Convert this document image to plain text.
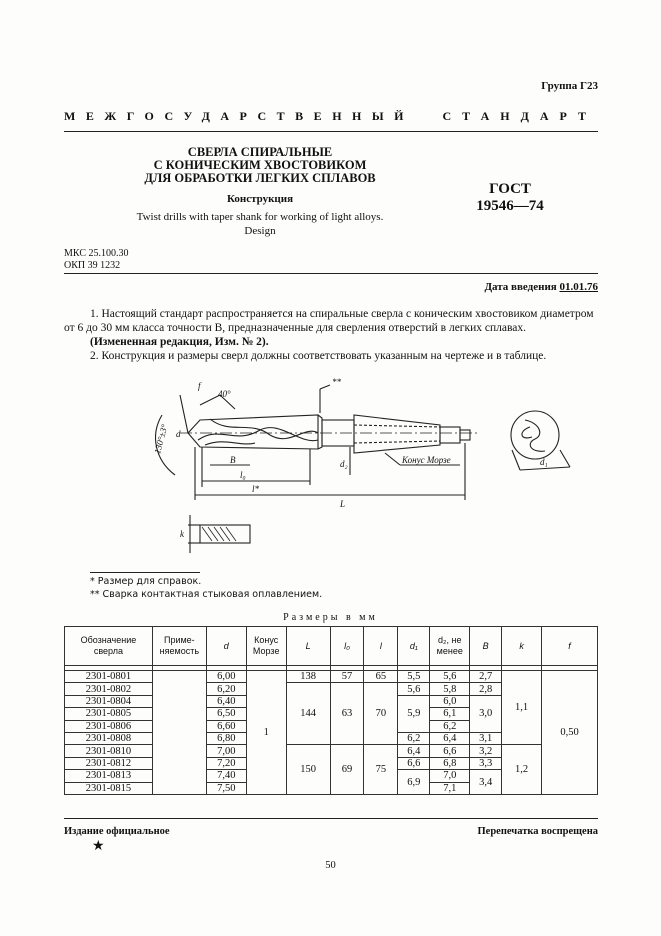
Группа Г23
МЕЖГОСУДАРСТВЕННЫЙ СТАНДАРТ
СВЕРЛА СПИРАЛЬНЫЕ
С КОНИЧЕСКИМ ХВОСТОВИКОМ
ДЛЯ ОБРАБОТКИ ЛЕГКИХ СПЛАВОВ
Конструкция
Twist drills with taper shank for working of light alloys.
Design
ГОСТ
19546—74
МКС 25.100.30
ОКП 39 1232
Дата введения 01.01.76
1. Настоящий стандарт распространяется на спиральные сверла с коническим хвостовиком диаметром от 6 до 30 мм класса точности В, предназначенные для сверления отверстий в легких сплавах.
(Измененная редакция, Изм. № 2).
2. Конструкция и размеры сверл должны соответствовать указанным на чертеже и в таблице.
130°±3°
40°
f
d
B
l₀
l*
L
d₂
**
Конус Морзе	d₁
k
* Размер для справок.
** Сварка контактная стыковая оплавлением.
Размеры в мм
Обозначение сверла	Приме-няемость	d	Конус Морзе	L	l₀	l	d₁	d₂, не менее	B	k	f

2301-0801		6,00	1	138	57	65	5,5	5,6	2,7	1,1	0,50
2301-0802		6,20		144	63	70	5,6	5,8	2,8		
2301-0804		6,40					5,9	6,0	3,0		
2301-0805		6,50						6,1			
2301-0806		6,60						6,2			
2301-0808		6,80					6,2	6,4	3,1		
2301-0810		7,00		150	69	75	6,4	6,6	3,2	1,2	
2301-0812		7,20					6,6	6,8	3,3		
2301-0813		7,40					6,9	7,0	3,4		
2301-0815		7,50						7,1			
Издание официальное	Перепечатка воспрещена
★
50
